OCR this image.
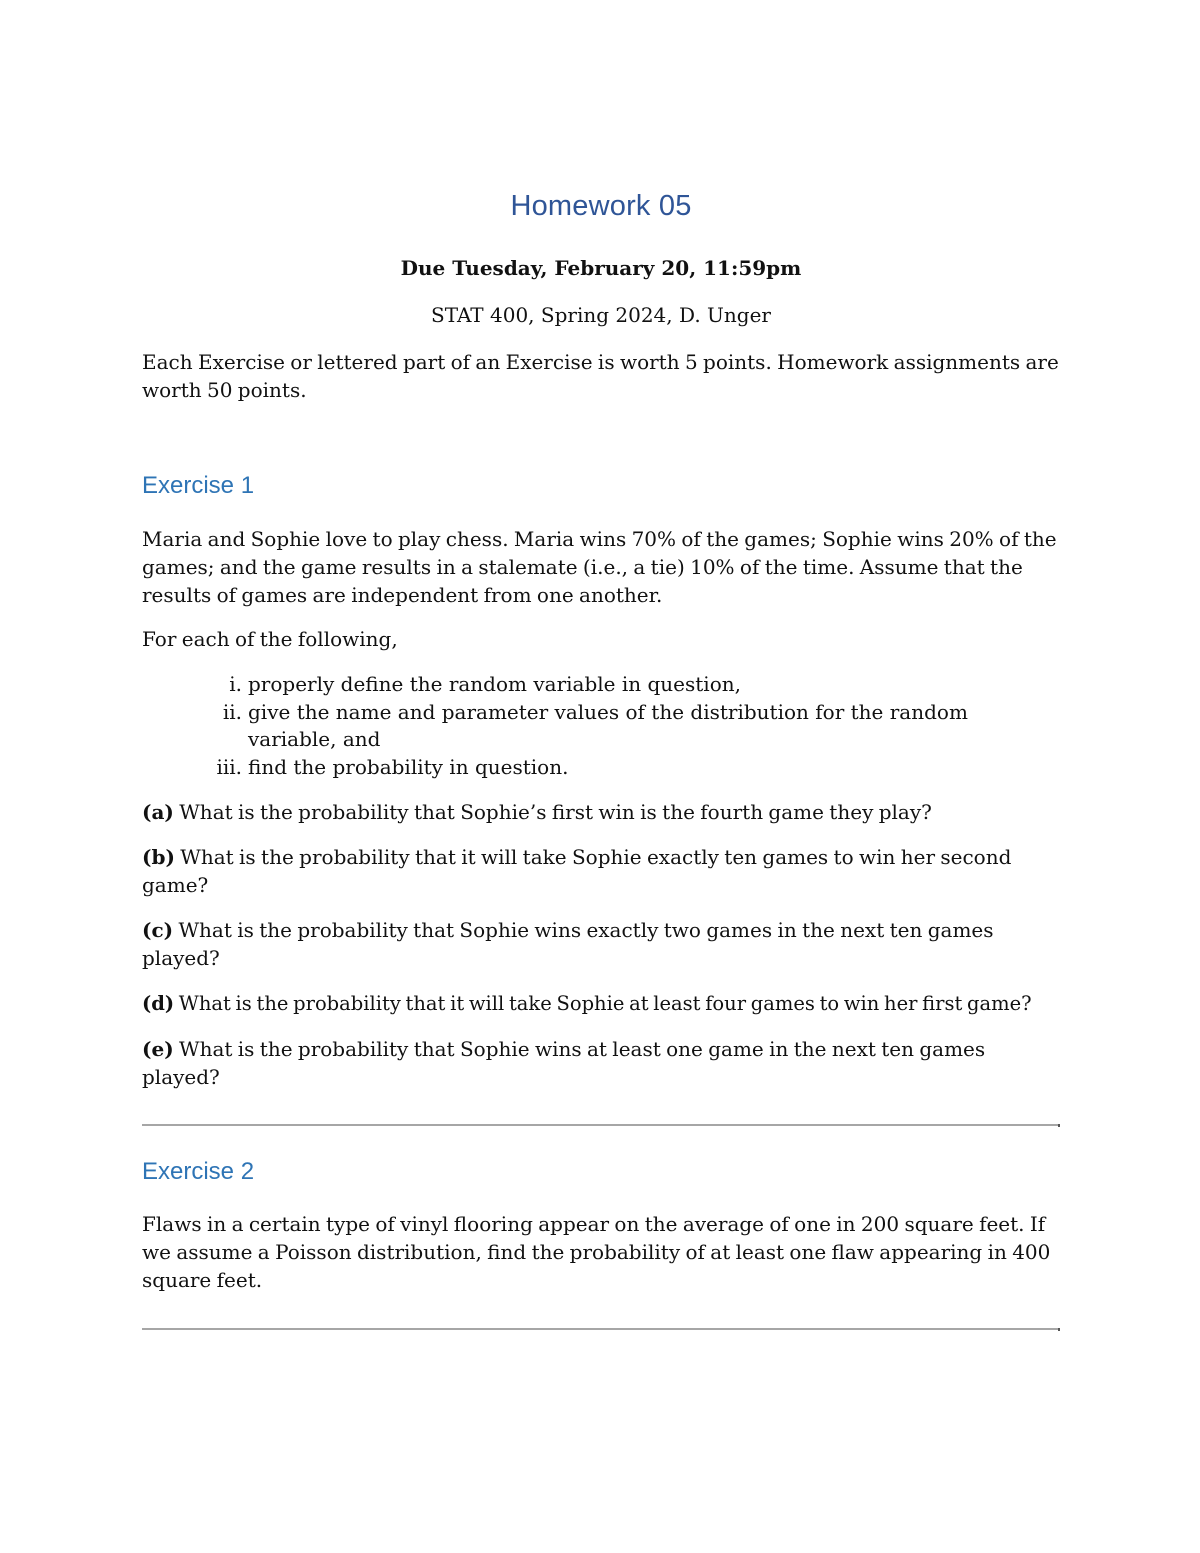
Homework 05
Due Tuesday, February 20, 11:59pm
STAT 400, Spring 2024, D. Unger
Each Exercise or lettered part of an Exercise is worth 5 points. Homework assignments are worth 50 points.
Exercise 1
Maria and Sophie love to play chess. Maria wins 70% of the games; Sophie wins 20% of the games; and the game results in a stalemate (i.e., a tie) 10% of the time. Assume that the results of games are independent from one another.
For each of the following,
i. properly define the random variable in question,
ii. give the name and parameter values of the distribution for the random variable, and
iii. find the probability in question.
(a) What is the probability that Sophie’s first win is the fourth game they play?
(b) What is the probability that it will take Sophie exactly ten games to win her second game?
(c) What is the probability that Sophie wins exactly two games in the next ten games played?
(d) What is the probability that it will take Sophie at least four games to win her first game?
(e) What is the probability that Sophie wins at least one game in the next ten games played?
Exercise 2
Flaws in a certain type of vinyl flooring appear on the average of one in 200 square feet. If we assume a Poisson distribution, find the probability of at least one flaw appearing in 400 square feet.
